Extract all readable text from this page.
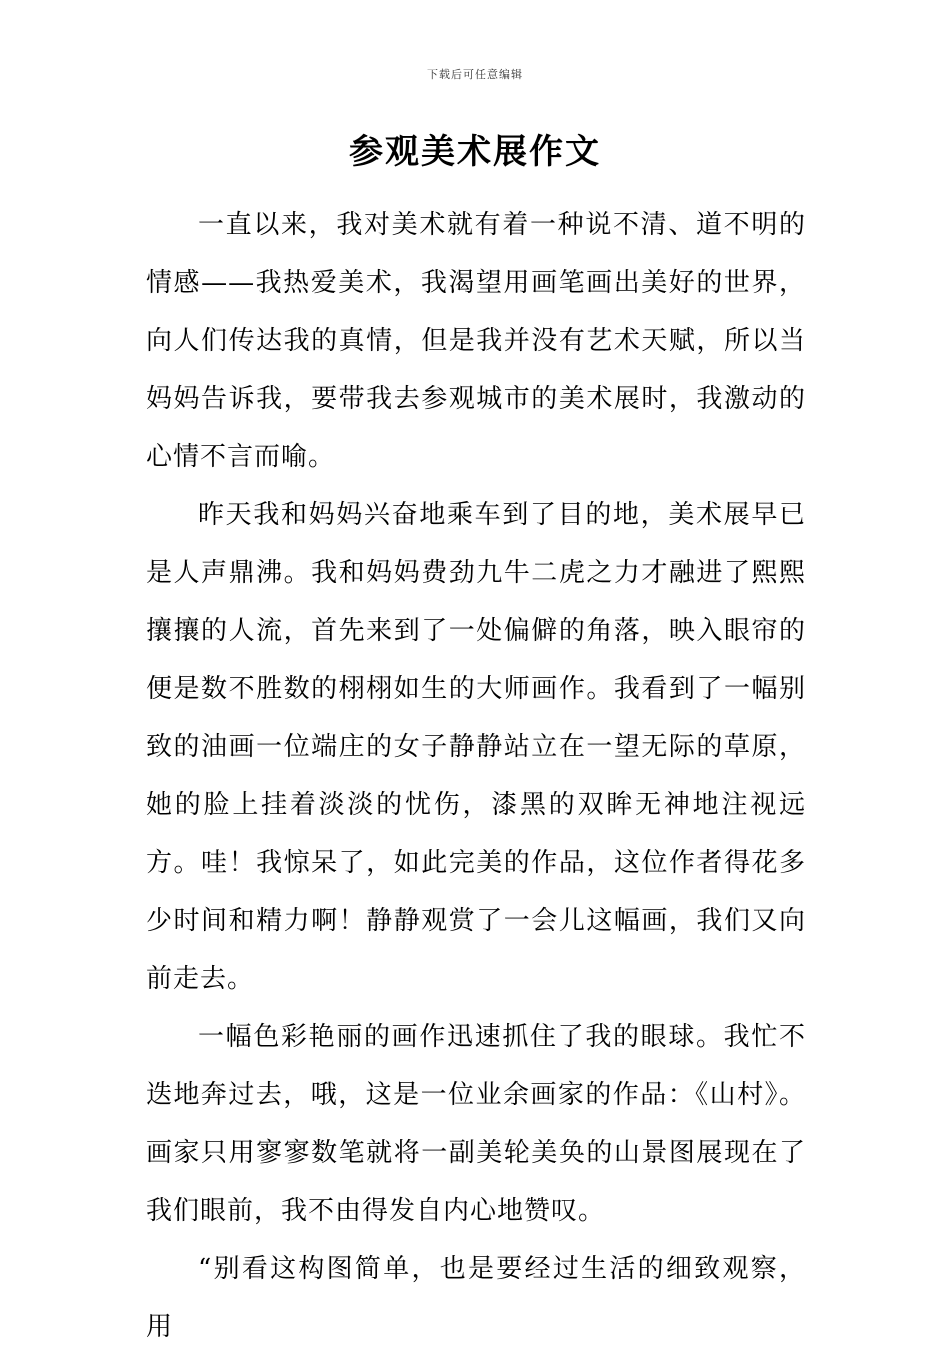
下载后可任意编辑
参观美术展作文

一直以来，我对美术就有着一种说不清、道不明的情感——我热爱美术，我渴望用画笔画出美好的世界，向人们传达我的真情，但是我并没有艺术天赋，所以当妈妈告诉我，要带我去参观城市的美术展时，我激动的心情不言而喻。

昨天我和妈妈兴奋地乘车到了目的地，美术展早已是人声鼎沸。我和妈妈费劲九牛二虎之力才融进了熙熙攘攘的人流，首先来到了一处偏僻的角落，映入眼帘的便是数不胜数的栩栩如生的大师画作。我看到了一幅别致的油画一位端庄的女子静静站立在一望无际的草原，她的脸上挂着淡淡的忧伤，漆黑的双眸无神地注视远方。哇！我惊呆了，如此完美的作品，这位作者得花多少时间和精力啊！静静观赏了一会儿这幅画，我们又向前走去。

一幅色彩艳丽的画作迅速抓住了我的眼球。我忙不迭地奔过去，哦，这是一位业余画家的作品：《山村》。画家只用寥寥数笔就将一副美轮美奂的山景图展现在了我们眼前，我不由得发自内心地赞叹。

“别看这构图简单，也是要经过生活的细致观察，用
